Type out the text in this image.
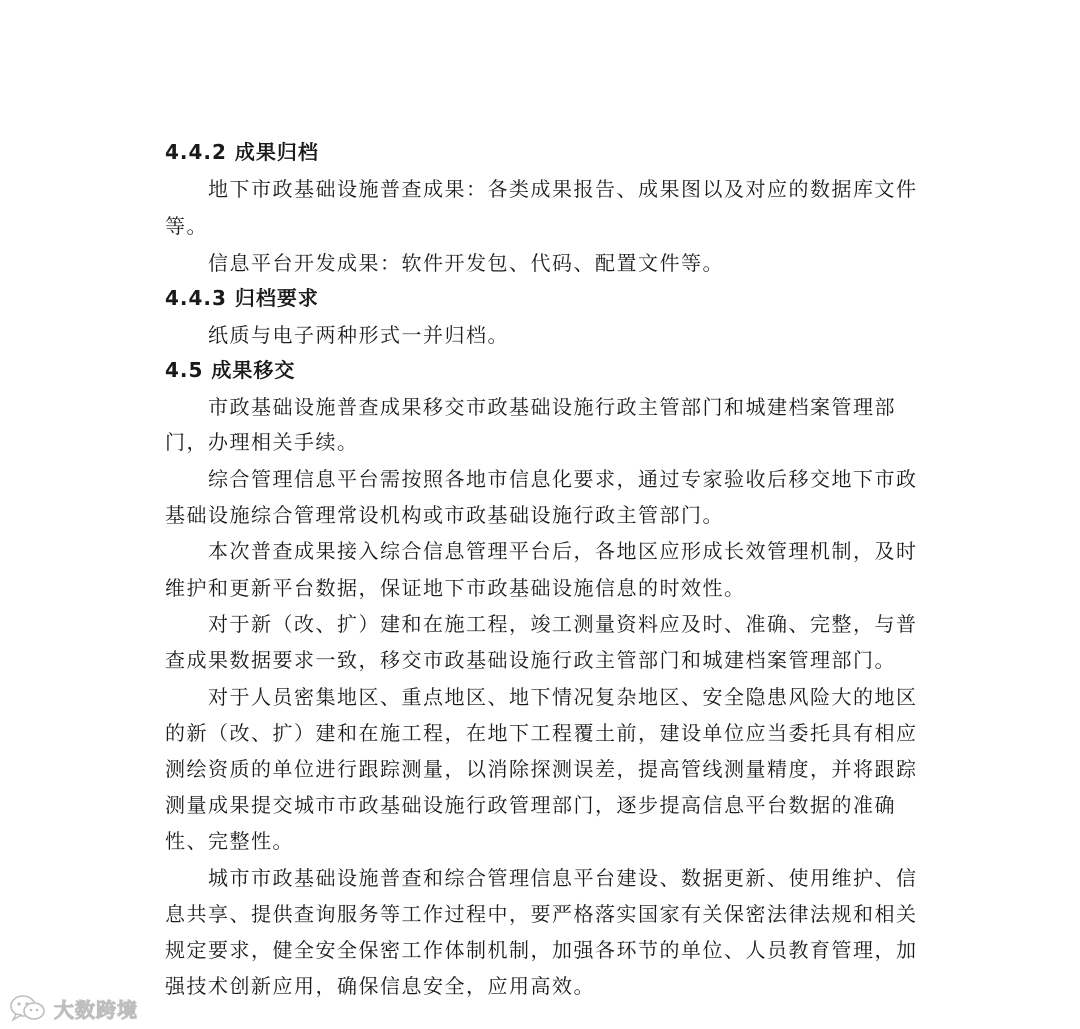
4.4.2 成果归档
地下市政基础设施普查成果：各类成果报告、成果图以及对应的数据库文件
等。
信息平台开发成果：软件开发包、代码、配置文件等。
4.4.3 归档要求
纸质与电子两种形式一并归档。
4.5 成果移交
市政基础设施普查成果移交市政基础设施行政主管部门和城建档案管理部
门，办理相关手续。
综合管理信息平台需按照各地市信息化要求，通过专家验收后移交地下市政
基础设施综合管理常设机构或市政基础设施行政主管部门。
本次普查成果接入综合信息管理平台后，各地区应形成长效管理机制，及时
维护和更新平台数据，保证地下市政基础设施信息的时效性。
对于新（改、扩）建和在施工程，竣工测量资料应及时、准确、完整，与普
查成果数据要求一致，移交市政基础设施行政主管部门和城建档案管理部门。
对于人员密集地区、重点地区、地下情况复杂地区、安全隐患风险大的地区
的新（改、扩）建和在施工程，在地下工程覆土前，建设单位应当委托具有相应
测绘资质的单位进行跟踪测量，以消除探测误差，提高管线测量精度，并将跟踪
测量成果提交城市市政基础设施行政管理部门，逐步提高信息平台数据的准确
性、完整性。
城市市政基础设施普查和综合管理信息平台建设、数据更新、使用维护、信
息共享、提供查询服务等工作过程中，要严格落实国家有关保密法律法规和相关
规定要求，健全安全保密工作体制机制，加强各环节的单位、人员教育管理，加
强技术创新应用，确保信息安全，应用高效。
大数跨境
